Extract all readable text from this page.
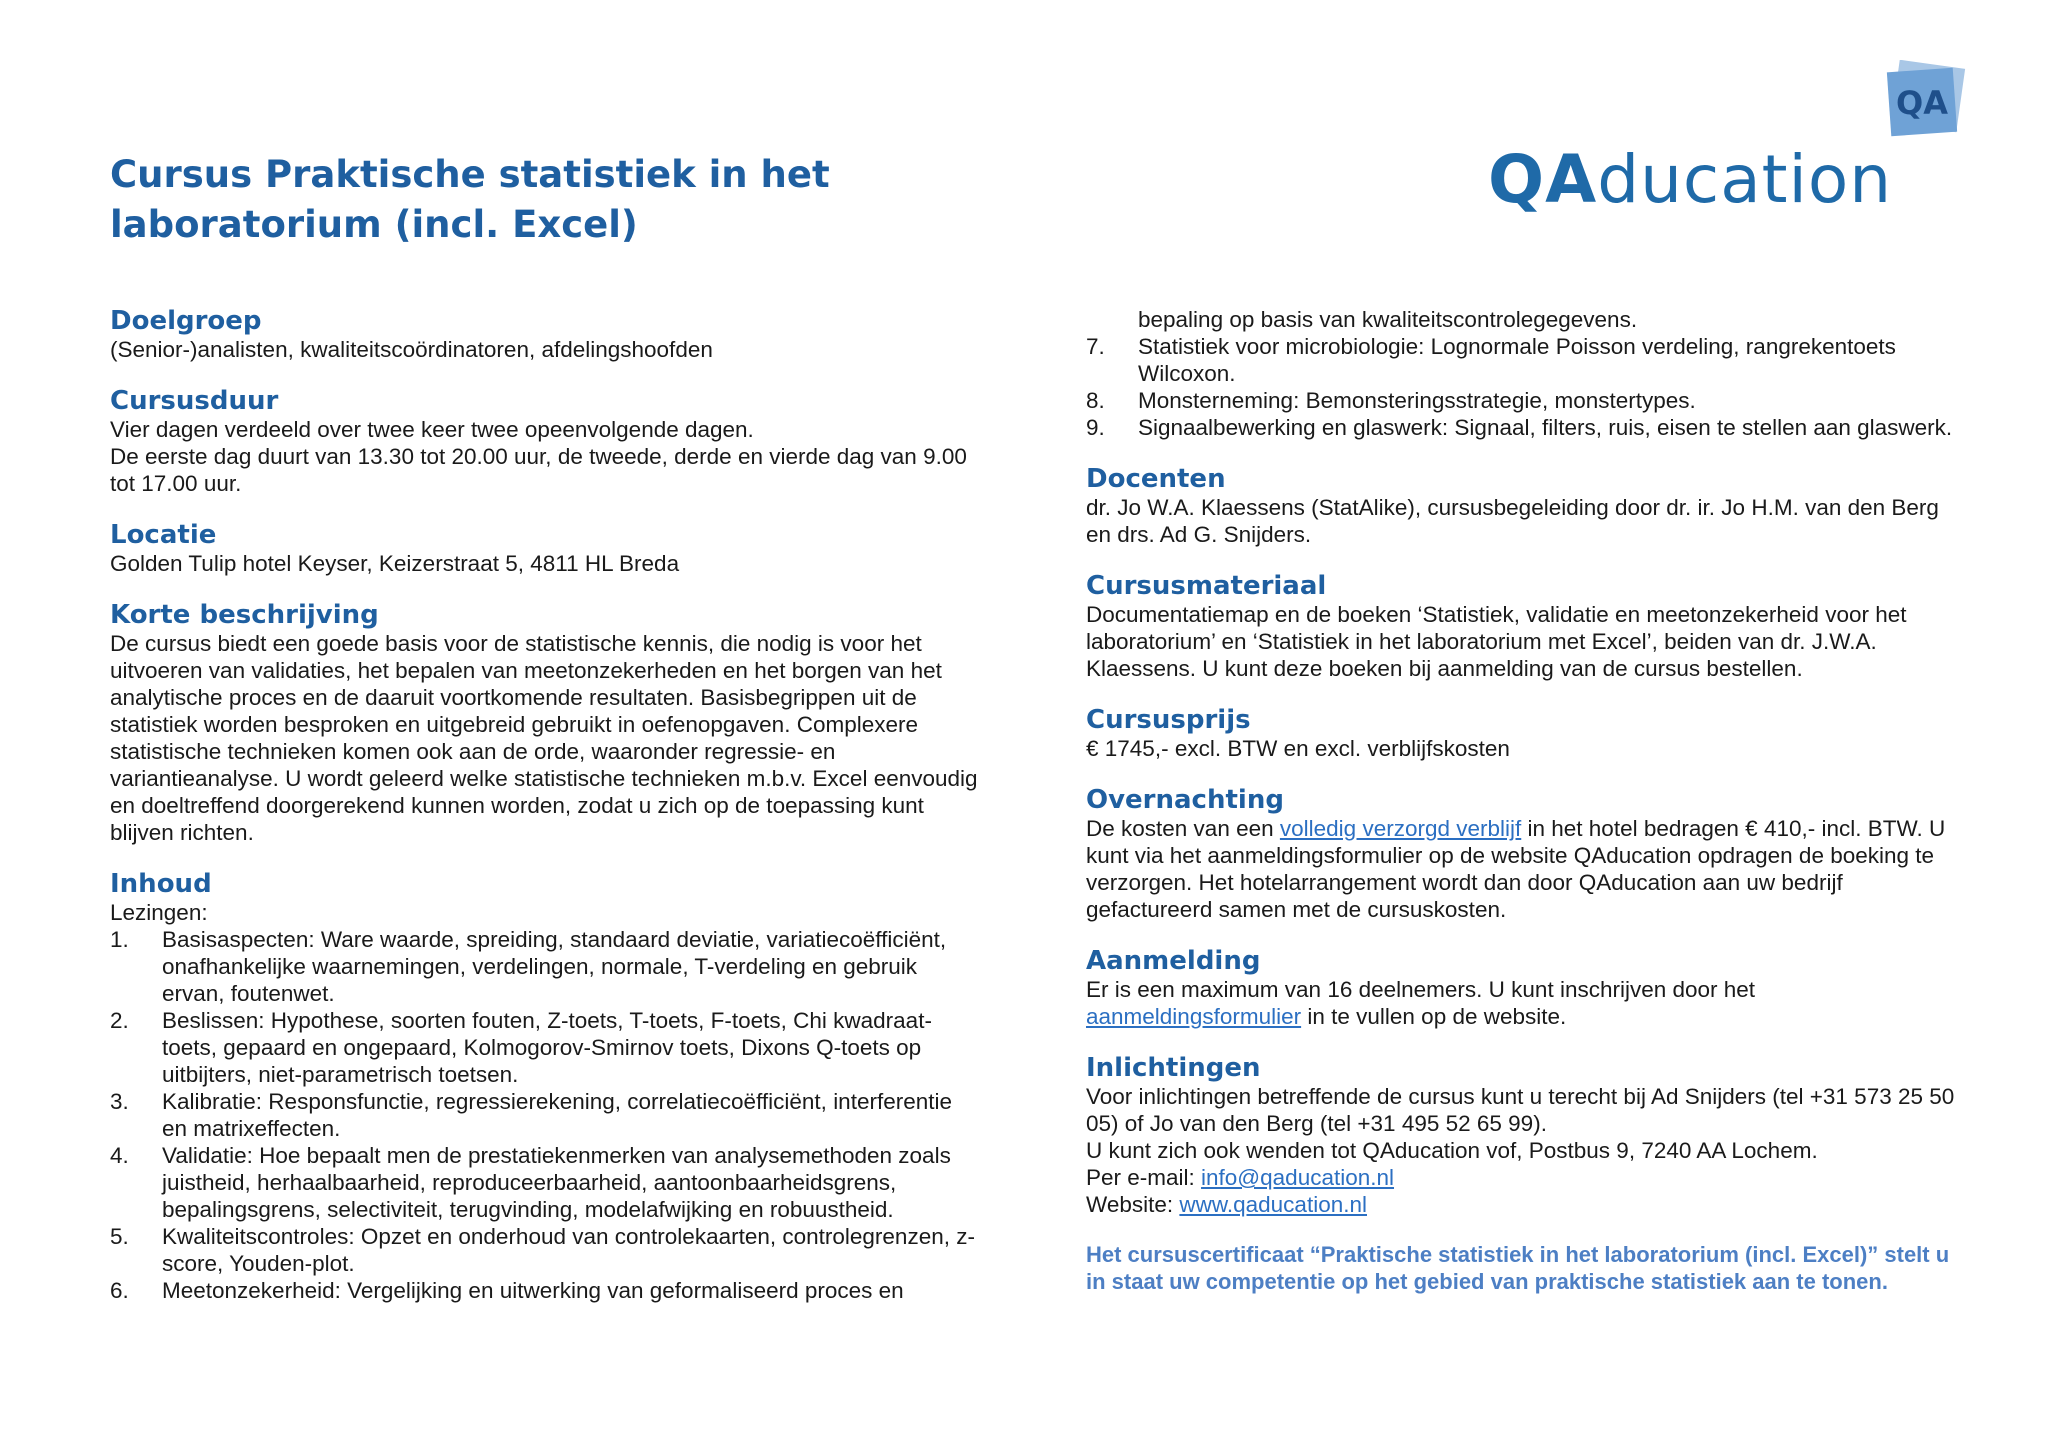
Cursus Praktische statistiek in het
laboratorium (incl. Excel)
QA
QAducation
Doelgroep

(Senior-)analisten, kwaliteitscoördinatoren, afdelingshoofden

Cursusduur

Vier dagen verdeeld over twee keer twee opeenvolgende dagen.

De eerste dag duurt van 13.30 tot 20.00 uur, de tweede, derde en vierde dag van 9.00 tot 17.00 uur.

Locatie

Golden Tulip hotel Keyser, Keizerstraat 5, 4811 HL Breda

Korte beschrijving

De cursus biedt een goede basis voor de statistische kennis, die nodig is voor het uitvoeren van validaties, het bepalen van meetonzekerheden en het borgen van het analytische proces en de daaruit voortkomende resultaten. Basisbegrippen uit de statistiek worden besproken en uitgebreid gebruikt in oefenopgaven. Complexere statistische technieken komen ook aan de orde, waaronder regressie- en variantieanalyse. U wordt geleerd welke statistische technieken m.b.v. Excel eenvoudig en doeltreffend doorgerekend kunnen worden, zodat u zich op de toepassing kunt blijven richten.

Inhoud

Lezingen:

1. Basisaspecten: Ware waarde, spreiding, standaard deviatie, variatiecoëfficiënt, onafhankelijke waarnemingen, verdelingen, normale, T-verdeling en gebruik ervan, foutenwet.
2. Beslissen: Hypothese, soorten fouten, Z-toets, T-toets, F-toets, Chi kwadraat-toets, gepaard en ongepaard, Kolmogorov-Smirnov toets, Dixons Q-toets op uitbijters, niet-parametrisch toetsen.
3. Kalibratie: Responsfunctie, regressierekening, correlatiecoëfficiënt, interferentie en matrixeffecten.
4. Validatie: Hoe bepaalt men de prestatiekenmerken van analysemethoden zoals juistheid, herhaalbaarheid, reproduceerbaarheid, aantoonbaarheidsgrens, bepalingsgrens, selectiviteit, terugvinding, modelafwijking en robuustheid.
5. Kwaliteitscontroles: Opzet en onderhoud van controlekaarten, controlegrenzen, z-score, Youden-plot.
6. Meetonzekerheid: Vergelijking en uitwerking van geformaliseerd proces en

bepaling op basis van kwaliteitscontrolegegevens.

7. Statistiek voor microbiologie: Lognormale Poisson verdeling, rangrekentoets Wilcoxon.
8. Monsterneming: Bemonsteringsstrategie, monstertypes.
9. Signaalbewerking en glaswerk: Signaal, filters, ruis, eisen te stellen aan glaswerk.
Docenten

dr. Jo W.A. Klaessens (StatAlike), cursusbegeleiding door dr. ir. Jo H.M. van den Berg en drs. Ad G. Snijders.

Cursusmateriaal

Documentatiemap en de boeken ‘Statistiek, validatie en meetonzekerheid voor het laboratorium’ en ‘Statistiek in het laboratorium met Excel’, beiden van dr. J.W.A. Klaessens. U kunt deze boeken bij aanmelding van de cursus bestellen.

Cursusprijs

€ 1745,- excl. BTW en excl. verblijfskosten

Overnachting

De kosten van een volledig verzorgd verblijf in het hotel bedragen € 410,- incl. BTW. U kunt via het aanmeldingsformulier op de website QAducation opdragen de boeking te verzorgen. Het hotelarrangement wordt dan door QAducation aan uw bedrijf gefactureerd samen met de cursuskosten.

Aanmelding

Er is een maximum van 16 deelnemers. U kunt inschrijven door het aanmeldingsformulier in te vullen op de website.

Inlichtingen

Voor inlichtingen betreffende de cursus kunt u terecht bij Ad Snijders (tel +31 573 25 50 05) of Jo van den Berg (tel +31 495 52 65 99).

U kunt zich ook wenden tot QAducation vof, Postbus 9, 7240 AA Lochem.

Per e-mail: info@qaducation.nl

Website: www.qaducation.nl

Het cursuscertificaat “Praktische statistiek in het laboratorium (incl. Excel)” stelt u in staat uw competentie op het gebied van praktische statistiek aan te tonen.
